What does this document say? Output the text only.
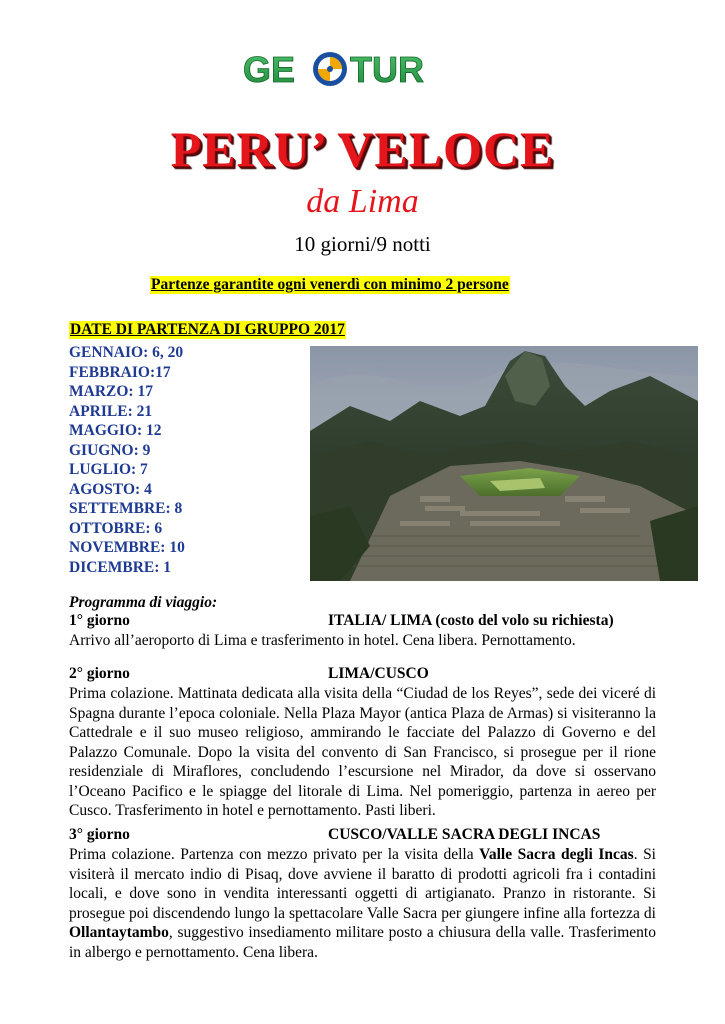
GE TUR
PERU’ VELOCE
da Lima
10 giorni/9 notti
Partenze garantite ogni venerdì con minimo 2 persone
DATE DI PARTENZA DI GRUPPO 2017
GENNAIO: 6, 20
FEBBRAIO:17
MARZO: 17
APRILE: 21
MAGGIO: 12
GIUGNO: 9
LUGLIO: 7
AGOSTO: 4
SETTEMBRE: 8
OTTOBRE: 6
NOVEMBRE: 10
DICEMBRE: 1
Programma di viaggio:
1° giorno	ITALIA/ LIMA (costo del volo su richiesta)

Arrivo all’aeroporto di Lima e trasferimento in hotel. Cena libera. Pernottamento.

2° giorno	LIMA/CUSCO

Prima colazione. Mattinata dedicata alla visita della “Ciudad de los Reyes”, sede dei viceré di Spagna durante l’epoca coloniale. Nella Plaza Mayor (antica Plaza de Armas) si visiteranno la Cattedrale e il suo museo religioso, ammirando le facciate del Palazzo di Governo e del Palazzo Comunale. Dopo la visita del convento di San Francisco, si prosegue per il rione residenziale di Miraflores, concludendo l’escursione nel Mirador, da dove si osservano l’Oceano Pacifico e le spiagge del litorale di Lima. Nel pomeriggio, partenza in aereo per Cusco. Trasferimento in hotel e pernottamento. Pasti liberi.

3° giorno	CUSCO/VALLE SACRA DEGLI INCAS

Prima colazione. Partenza con mezzo privato per la visita della Valle Sacra degli Incas. Si visiterà il mercato indio di Pisaq, dove avviene il baratto di prodotti agricoli fra i contadini locali, e dove sono in vendita interessanti oggetti di artigianato. Pranzo in ristorante. Si prosegue poi discendendo lungo la spettacolare Valle Sacra per giungere infine alla fortezza di Ollantaytambo, suggestivo insediamento militare posto a chiusura della valle. Trasferimento in albergo e pernottamento. Cena libera.
